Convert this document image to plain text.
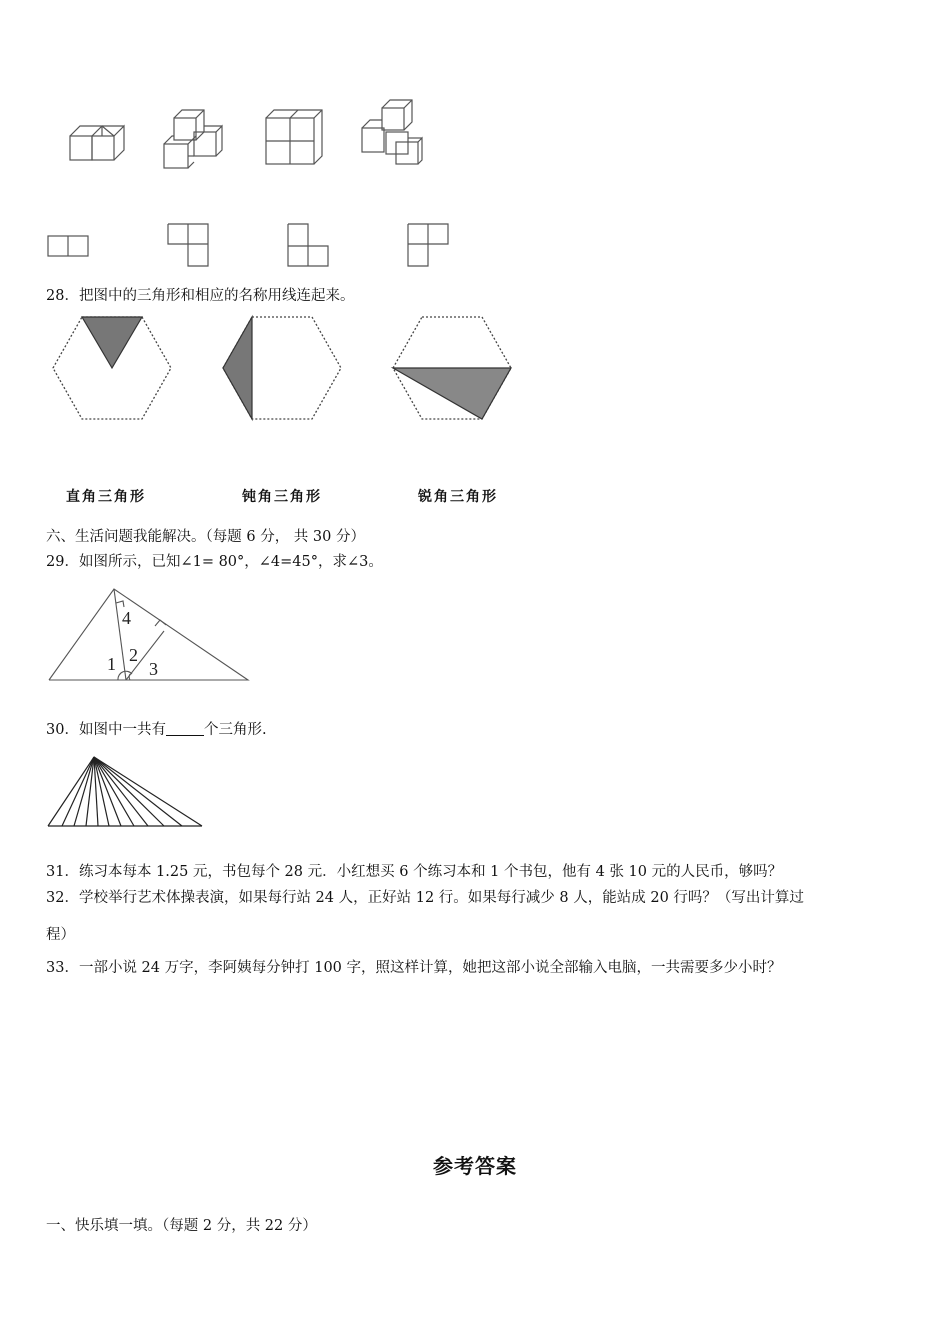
28．把图中的三角形和相应的名称用线连起来。
直角三角形	钝角三角形	锐角三角形
六、生活问题我能解决。（每题 6 分， 共 30 分）
29．如图所示，已知∠1= 80°，∠4=45°，求∠3。
4
1 2
3
30．如图中一共有	个三角形.
31．练习本每本 1.25 元，书包每个 28 元．小红想买 6 个练习本和 1 个书包，他有 4 张 10 元的人民币，够吗？
32．学校举行艺术体操表演，如果每行站 24 人，正好站 12 行。如果每行减少 8 人，能站成 20 行吗？（写出计算过
程）
33．一部小说 24 万字，李阿姨每分钟打 100 字，照这样计算，她把这部小说全部输入电脑，一共需要多少小时？
参考答案
一、快乐填一填。（每题 2 分，共 22 分）
